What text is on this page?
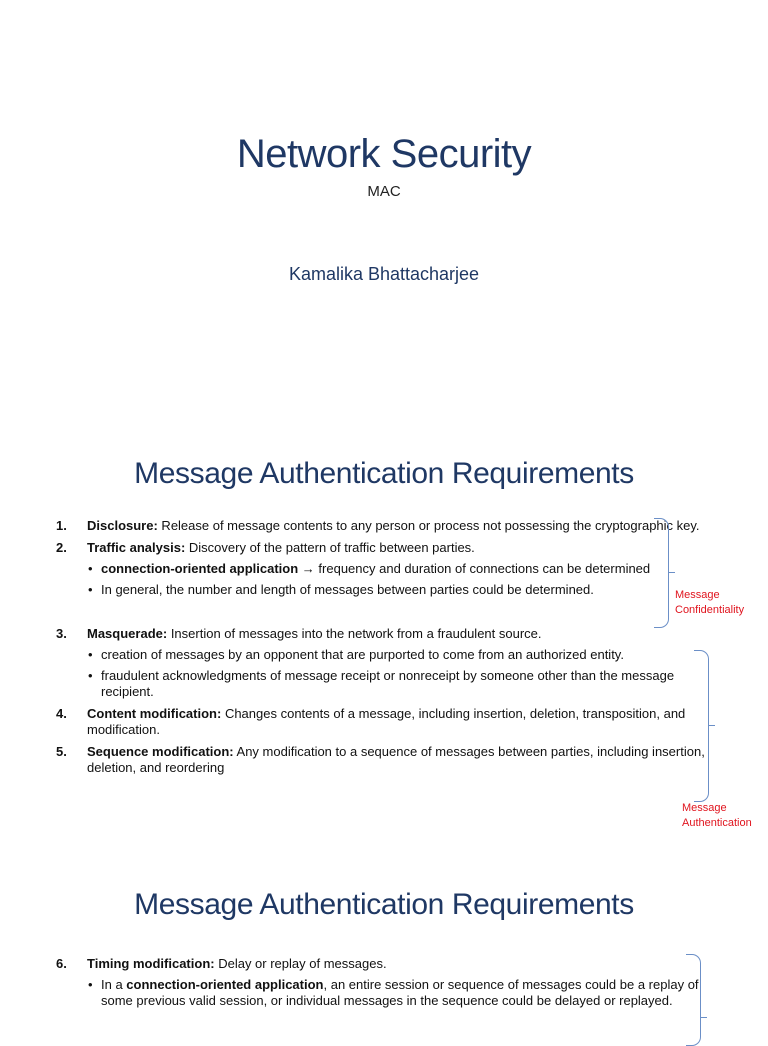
Network Security
MAC
Kamalika Bhattacharjee
Message Authentication Requirements
1. Disclosure: Release of message contents to any person or process not possessing the cryptographic key.
2. Traffic analysis: Discovery of the pattern of traffic between parties.
• connection-oriented application → frequency and duration of connections can be determined
• In general, the number and length of messages between parties could be determined.
3. Masquerade: Insertion of messages into the network from a fraudulent source.
• creation of messages by an opponent that are purported to come from an authorized entity.
• fraudulent acknowledgments of message receipt or nonreceipt by someone other than the message recipient.
4. Content modification: Changes contents of a message, including insertion, deletion, transposition, and modification.
5. Sequence modification: Any modification to a sequence of messages between parties, including insertion, deletion, and reordering
Message
Confidentiality
Message
Authentication
Message Authentication Requirements
6. Timing modification: Delay or replay of messages.
• In a connection-oriented application, an entire session or sequence of messages could be a replay of some previous valid session, or individual messages in the sequence could be delayed or replayed.
